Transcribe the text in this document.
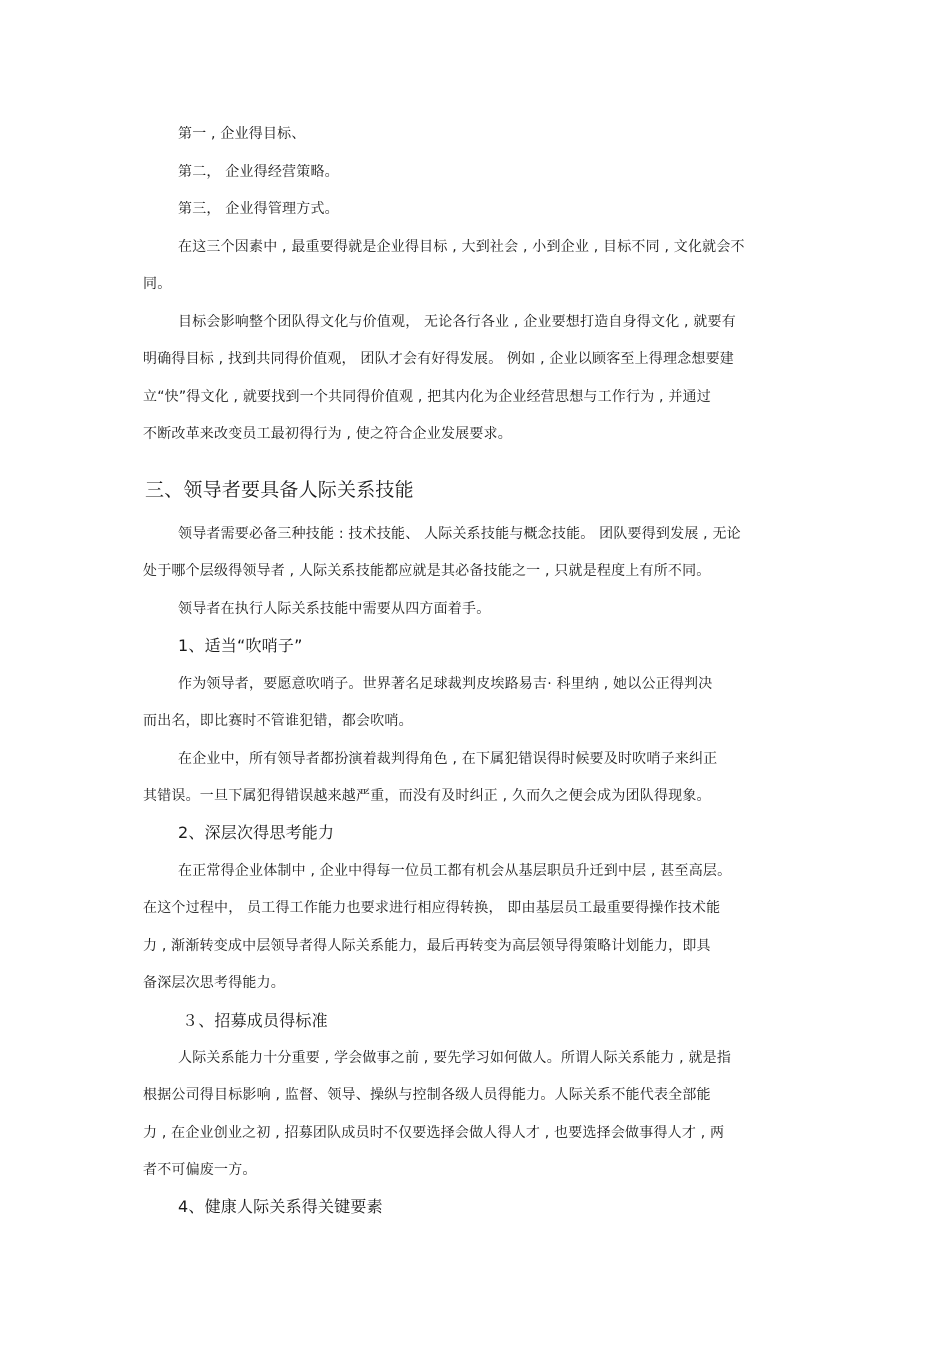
第一 , 企业得目标、
第二， 企业得经营策略。
第三， 企业得管理方式。
在这三个因素中 , 最重要得就是企业得目标 , 大到社会 , 小到企业 , 目标不同 , 文化就会不
同。
目标会影响整个团队得文化与价值观， 无论各行各业 , 企业要想打造自身得文化 , 就要有
明确得目标 , 找到共同得价值观， 团队才会有好得发展。 例如 , 企业以顾客至上得理念想要建
立“快”得文化 , 就要找到一个共同得价值观 , 把其内化为企业经营思想与工作行为 , 并通过
不断改革来改变员工最初得行为 , 使之符合企业发展要求。
三、领导者要具备人际关系技能
领导者需要必备三种技能 : 技术技能、 人际关系技能与概念技能。 团队要得到发展 , 无论
处于哪个层级得领导者 , 人际关系技能都应就是其必备技能之一 , 只就是程度上有所不同。
领导者在执行人际关系技能中需要从四方面着手。
1、适当“吹哨子”
作为领导者，要愿意吹哨子。世界著名足球裁判皮埃路易吉· 科里纳 , 她以公正得判决
而出名，即比赛时不管谁犯错，都会吹哨。
在企业中，所有领导者都扮演着裁判得角色 , 在下属犯错误得时候要及时吹哨子来纠正
其错误。一旦下属犯得错误越来越严重，而没有及时纠正 , 久而久之便会成为团队得现象。
2、深层次得思考能力
在正常得企业体制中 , 企业中得每一位员工都有机会从基层职员升迁到中层 , 甚至高层。
在这个过程中， 员工得工作能力也要求进行相应得转换， 即由基层员工最重要得操作技术能
力 , 渐渐转变成中层领导者得人际关系能力，最后再转变为高层领导得策略计划能力，即具
备深层次思考得能力。
３、招募成员得标准
人际关系能力十分重要 , 学会做事之前 , 要先学习如何做人。所谓人际关系能力 , 就是指
根据公司得目标影响 , 监督、领导、操纵与控制各级人员得能力。人际关系不能代表全部能
力 , 在企业创业之初 , 招募团队成员时不仅要选择会做人得人才 , 也要选择会做事得人才 , 两
者不可偏废一方。
4、健康人际关系得关键要素
